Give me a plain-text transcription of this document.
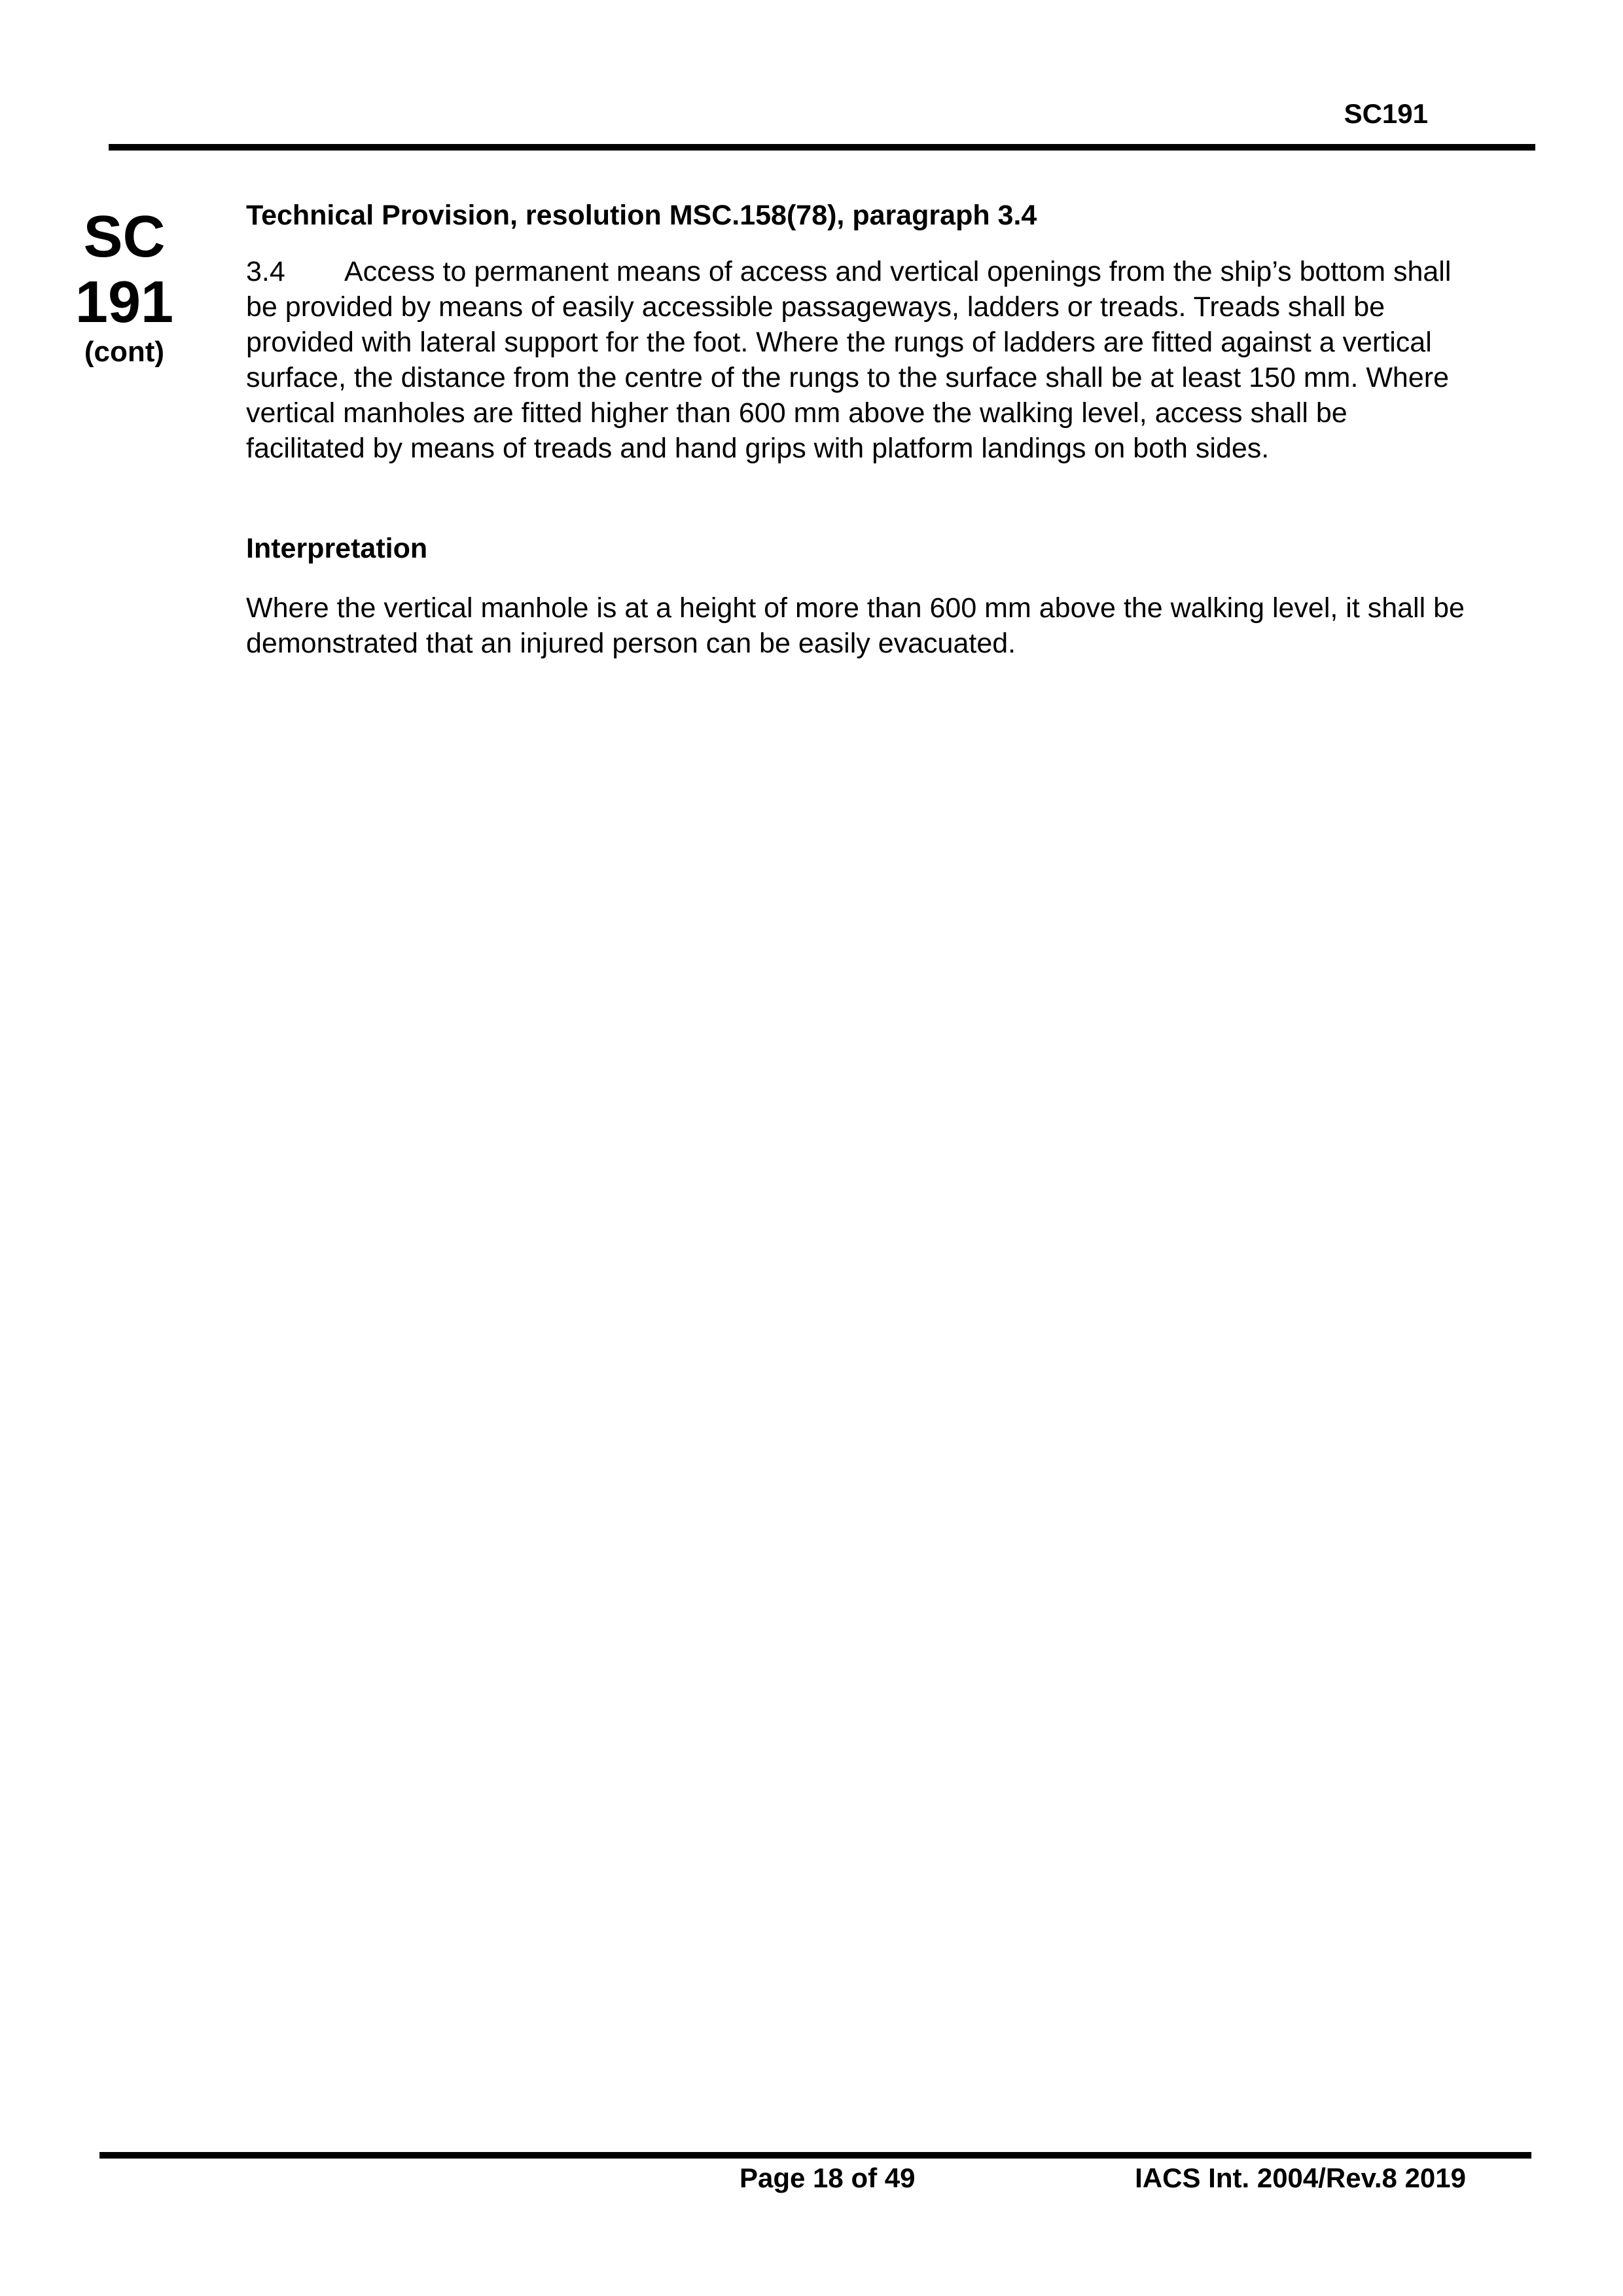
SC191
SC
191
(cont)

Technical Provision, resolution MSC.158(78), paragraph 3.4

3.4 Access to permanent means of access and vertical openings from the ship’s bottom shall be provided by means of easily accessible passageways, ladders or treads. Treads shall be provided with lateral support for the foot. Where the rungs of ladders are fitted against a vertical surface, the distance from the centre of the rungs to the surface shall be at least 150 mm. Where vertical manholes are fitted higher than 600 mm above the walking level, access shall be facilitated by means of treads and hand grips with platform landings on both sides.

Interpretation

Where the vertical manhole is at a height of more than 600 mm above the walking level, it shall be demonstrated that an injured person can be easily evacuated.

Page 18 of 49	IACS Int. 2004/Rev.8 2019
